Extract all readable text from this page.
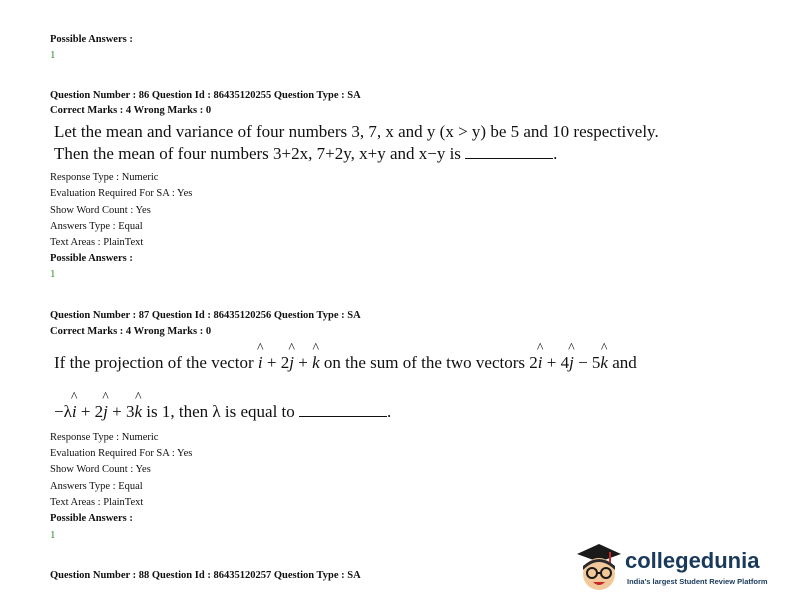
Possible Answers :
1
Question Number : 86 Question Id : 86435120255 Question Type : SA
Correct Marks : 4 Wrong Marks : 0
Let the mean and variance of four numbers 3, 7, x and y (x > y) be 5 and 10 respectively.
Then the mean of four numbers 3+2x, 7+2y, x+y and x−y is	.
Response Type : Numeric
Evaluation Required For SA : Yes
Show Word Count : Yes
Answers Type : Equal
Text Areas : PlainText
Possible Answers :
1
Question Number : 87 Question Id : 86435120256 Question Type : SA
Correct Marks : 4 Wrong Marks : 0
If the projection of the vector ^ i + 2^ j + ^ k on the sum of the two vectors 2^ i + 4^ j − 5^ k and
−λ^ i + 2^ j + 3^ k is 1, then λ is equal to	.
Response Type : Numeric
Evaluation Required For SA : Yes
Show Word Count : Yes
Answers Type : Equal
Text Areas : PlainText
Possible Answers :
1
Question Number : 88 Question Id : 86435120257 Question Type : SA
collegedunia
India's largest Student Review Platform
